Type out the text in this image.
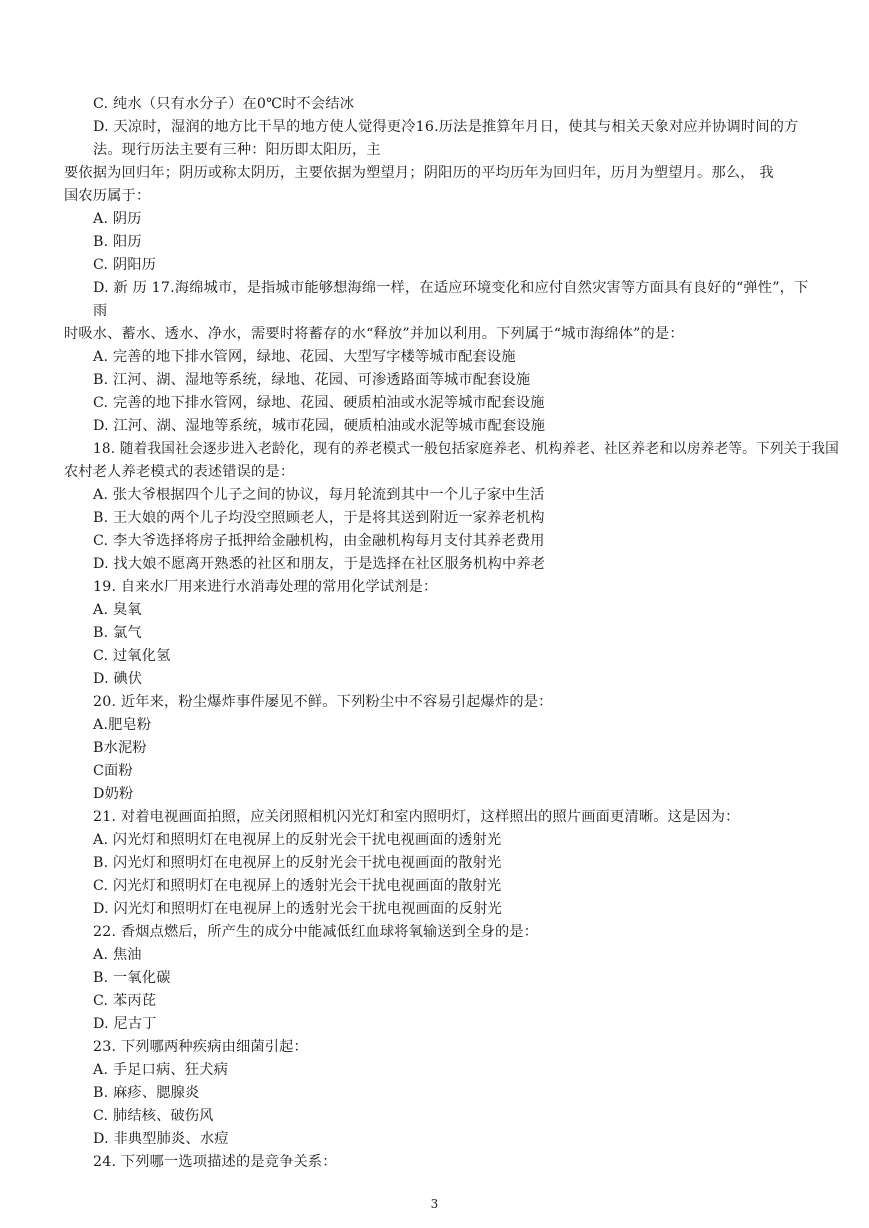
C. 纯水（只有水分子）在0℃时不会结冰
D. 天凉时，湿润的地方比干旱的地方使人觉得更冷16.历法是推算年月日，使其与相关天象对应并协调时间的方
法。现行历法主要有三种：阳历即太阳历，主
要依据为回归年；阴历或称太阴历，主要依据为塑望月；阴阳历的平均历年为回归年，历月为塑望月。那么， 我
国农历属于：
A. 阴历
B. 阳历
C. 阴阳历
D. 新 历 17.海绵城市，是指城市能够想海绵一样，在适应环境变化和应付自然灾害等方面具有良好的“弹性”，下
雨
时吸水、蓄水、透水、净水，需要时将蓄存的水“释放”并加以利用。下列属于“城市海绵体”的是：
A. 完善的地下排水管网，绿地、花园、大型写字楼等城市配套设施
B. 江河、湖、湿地等系统，绿地、花园、可渗透路面等城市配套设施
C. 完善的地下排水管网，绿地、花园、硬质柏油或水泥等城市配套设施
D. 江河、湖、湿地等系统，城市花园，硬质柏油或水泥等城市配套设施
18. 随着我国社会逐步进入老龄化，现有的养老模式一般包括家庭养老、机构养老、社区养老和以房养老等。下列关于我国
农村老人养老模式的表述错误的是：
A. 张大爷根据四个儿子之间的协议，每月轮流到其中一个儿子家中生活
B. 王大娘的两个儿子均没空照顾老人，于是将其送到附近一家养老机构
C. 李大爷选择将房子抵押给金融机构，由金融机构每月支付其养老费用
D. 找大娘不愿离开熟悉的社区和朋友，于是选择在社区服务机构中养老
19. 自来水厂用来进行水消毒处理的常用化学试剂是：
A. 臭氧
B. 氯气
C. 过氧化氢
D. 碘伏
20. 近年来，粉尘爆炸事件屡见不鲜。下列粉尘中不容易引起爆炸的是：
A.肥皂粉
B水泥粉
C面粉
D奶粉
21. 对着电视画面拍照，应关闭照相机闪光灯和室内照明灯，这样照出的照片画面更清晰。这是因为：
A. 闪光灯和照明灯在电视屏上的反射光会干扰电视画面的透射光
B. 闪光灯和照明灯在电视屏上的反射光会干扰电视画面的散射光
C. 闪光灯和照明灯在电视屏上的透射光会干扰电视画面的散射光
D. 闪光灯和照明灯在电视屏上的透射光会干扰电视画面的反射光
22. 香烟点燃后，所产生的成分中能减低红血球将氧输送到全身的是：
A. 焦油
B. 一氧化碳
C. 苯丙芘
D. 尼古丁
23. 下列哪两种疾病由细菌引起：
A. 手足口病、狂犬病
B. 麻疹、腮腺炎
C. 肺结核、破伤风
D. 非典型肺炎、水痘
24. 下列哪一选项描述的是竞争关系：
3
